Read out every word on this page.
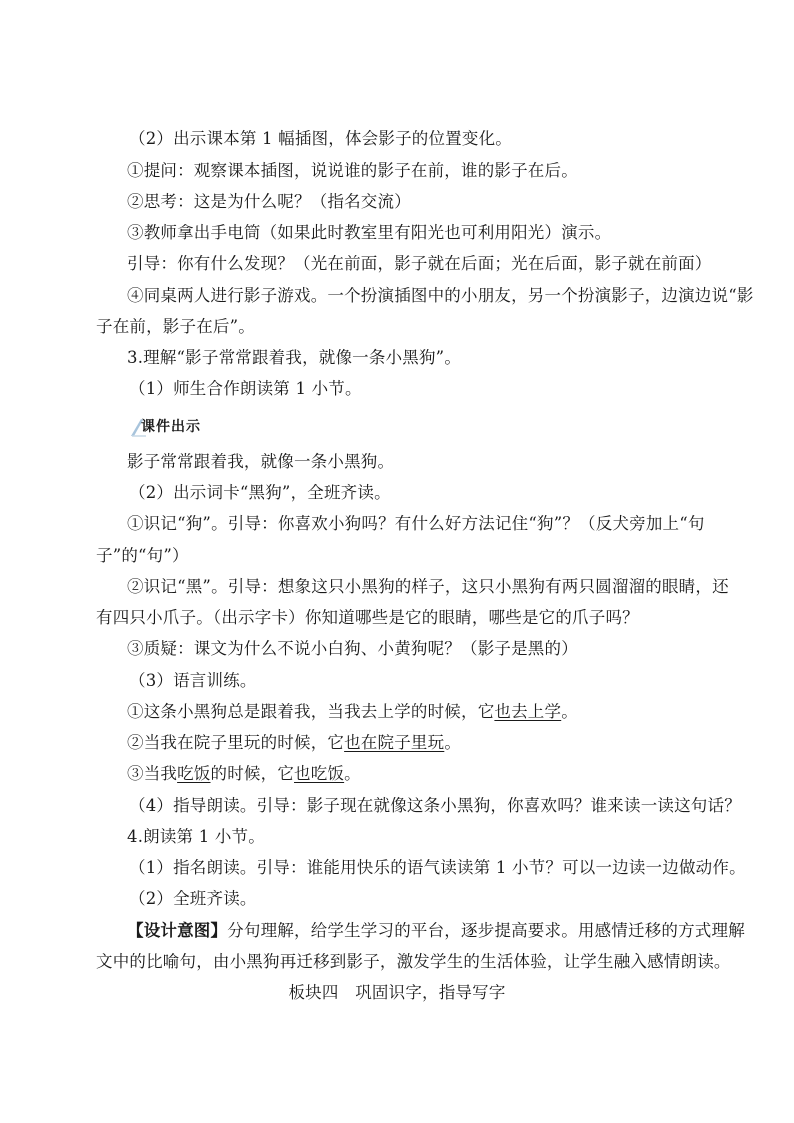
（2）出示课本第 1 幅插图，体会影子的位置变化。
①提问：观察课本插图，说说谁的影子在前，谁的影子在后。
②思考：这是为什么呢？（指名交流）
③教师拿出手电筒（如果此时教室里有阳光也可利用阳光）演示。
引导：你有什么发现？（光在前面，影子就在后面；光在后面，影子就在前面）
④同桌两人进行影子游戏。一个扮演插图中的小朋友，另一个扮演影子，边演边说“影
子在前，影子在后”。
3.理解“影子常常跟着我，就像一条小黑狗”。
（1）师生合作朗读第 1 小节。
课件出示
影子常常跟着我，就像一条小黑狗。
（2）出示词卡“黑狗”，全班齐读。
①识记“狗”。引导：你喜欢小狗吗？有什么好方法记住“狗”？（反犬旁加上“句
子”的“句”）
②识记“黑”。引导：想象这只小黑狗的样子，这只小黑狗有两只圆溜溜的眼睛，还
有四只小爪子。（出示字卡）你知道哪些是它的眼睛，哪些是它的爪子吗？
③质疑：课文为什么不说小白狗、小黄狗呢？（影子是黑的）
（3）语言训练。
①这条小黑狗总是跟着我，当我去上学的时候，它也去上学。
②当我在院子里玩的时候，它也在院子里玩。
③当我吃饭的时候，它也吃饭。
（4）指导朗读。引导：影子现在就像这条小黑狗，你喜欢吗？谁来读一读这句话？
4.朗读第 1 小节。
（1）指名朗读。引导：谁能用快乐的语气读读第 1 小节？可以一边读一边做动作。
（2）全班齐读。
【设计意图】分句理解，给学生学习的平台，逐步提高要求。用感情迁移的方式理解
文中的比喻句，由小黑狗再迁移到影子，激发学生的生活体验，让学生融入感情朗读。
板块四　巩固识字，指导写字
